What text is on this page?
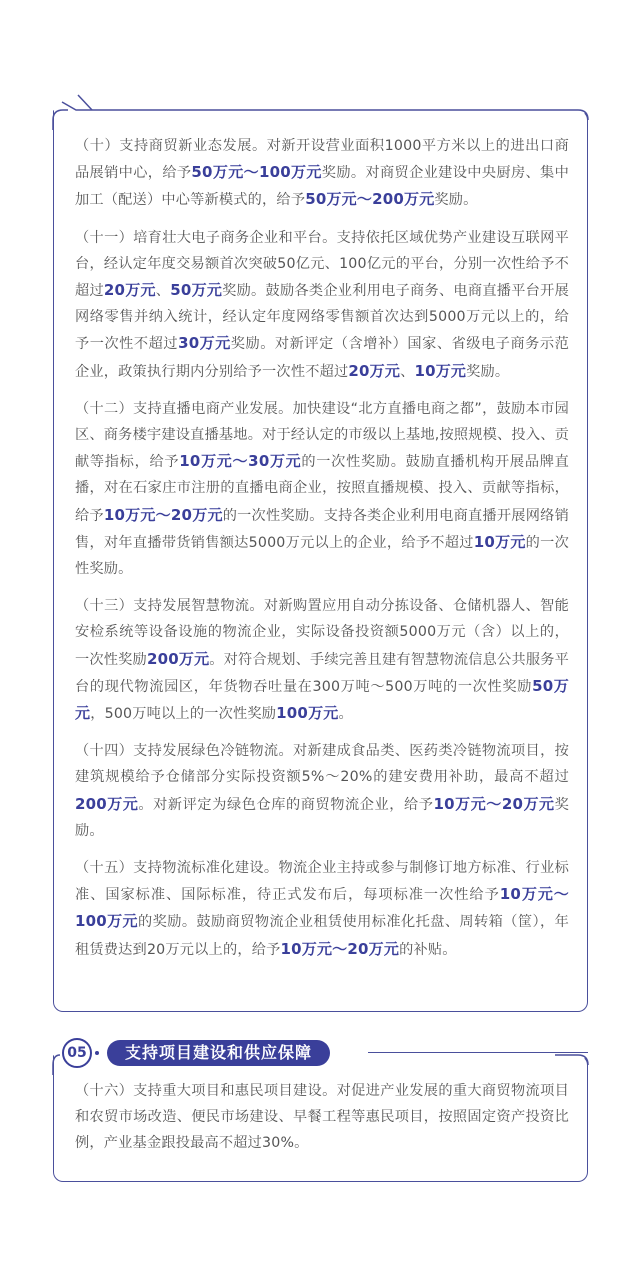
（十）支持商贸新业态发展。对新开设营业面积1000平方米以上的进出口商品展销中心，给予50万元～100万元奖励。对商贸企业建设中央厨房、集中加工（配送）中心等新模式的，给予50万元～200万元奖励。

（十一）培育壮大电子商务企业和平台。支持依托区域优势产业建设互联网平台，经认定年度交易额首次突破50亿元、100亿元的平台，分别一次性给予不超过20万元、50万元奖励。鼓励各类企业利用电子商务、电商直播平台开展网络零售并纳入统计，经认定年度网络零售额首次达到5000万元以上的，给予一次性不超过30万元奖励。对新评定（含增补）国家、省级电子商务示范企业，政策执行期内分别给予一次性不超过20万元、10万元奖励。

（十二）支持直播电商产业发展。加快建设“北方直播电商之都”，鼓励本市园区、商务楼宇建设直播基地。对于经认定的市级以上基地,按照规模、投入、贡献等指标，给予10万元～30万元的一次性奖励。鼓励直播机构开展品牌直播，对在石家庄市注册的直播电商企业，按照直播规模、投入、贡献等指标，给予10万元～20万元的一次性奖励。支持各类企业利用电商直播开展网络销售，对年直播带货销售额达5000万元以上的企业，给予不超过10万元的一次性奖励。

（十三）支持发展智慧物流。对新购置应用自动分拣设备、仓储机器人、智能安检系统等设备设施的物流企业，实际设备投资额5000万元（含）以上的，一次性奖励200万元。对符合规划、手续完善且建有智慧物流信息公共服务平台的现代物流园区，年货物吞吐量在300万吨～500万吨的一次性奖励50万元，500万吨以上的一次性奖励100万元。

（十四）支持发展绿色冷链物流。对新建成食品类、医药类冷链物流项目，按建筑规模给予仓储部分实际投资额5%～20%的建安费用补助，最高不超过200万元。对新评定为绿色仓库的商贸物流企业，给予10万元～20万元奖励。

（十五）支持物流标准化建设。物流企业主持或参与制修订地方标准、行业标准、国家标准、国际标准，待正式发布后，每项标准一次性给予10万元～100万元的奖励。鼓励商贸物流企业租赁使用标准化托盘、周转箱（筐），年租赁费达到20万元以上的，给予10万元～20万元的补贴。

05	支持项目建设和供应保障

（十六）支持重大项目和惠民项目建设。对促进产业发展的重大商贸物流项目和农贸市场改造、便民市场建设、早餐工程等惠民项目，按照固定资产投资比例，产业基金跟投最高不超过30%。
